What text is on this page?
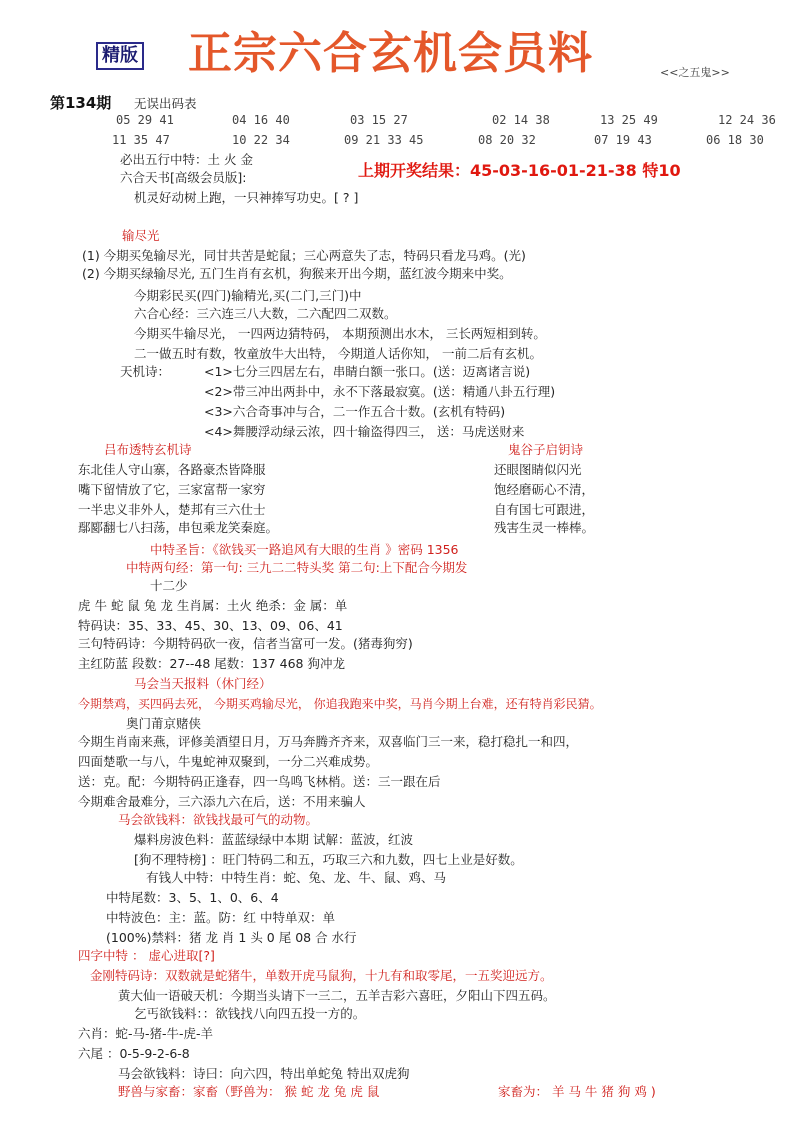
精版 正宗六合玄机会员料	<<之五鬼>>
第134期 无误出码表
05 29 41	04 16 40	03 15 27	02 14 38	13 25 49	12 24 36
11 35 47	10 22 34	09 21 33 45	08 20 32	07 19 43	06 18 30
上期开奖结果：45-03-16-01-21-38 特10
必出五行中特：土 火 金
六合天书[高级会员版]:
机灵好动树上跑，一只神捧写功史。[ ? ]
输尽光
(1) 今期买兔输尽光，同甘共苦是蛇鼠；三心两意失了志，特码只看龙马鸡。(光)
(2) 今期买绿输尽光, 五门生肖有玄机，狗猴来开出今期，蓝红波今期来中奖。
今期彩民买(四门)输精光,买(二门,三门)中
六合心经：三六连三八大数，二六配四二双数。
今期买牛输尽光， 一四两边猜特码， 本期预测出水木， 三长两短相到转。
二一做五时有数，牧童放牛大出特， 今期道人话你知， 一前二后有玄机。
天机诗：	<1>七分三四居左右，串睛白额一张口。(送：迈离诸言说)
<2>带三冲出两卦中，永不下落最寂寞。(送：精通八卦五行理)
<3>六合奇事冲与合，二一作五合十数。(玄机有特码)
<4>舞腰浮动绿云浓，四十输盗得四三， 送：马虎送财来
吕布透特玄机诗	鬼谷子启钥诗
东北佳人守山寨，各路豪杰皆降服
嘴下留情放了它，三家富帮一家穷
一半忠义非外人，楚邦有三六仕士
鄢郾翻七八扫荡，串包乘龙笑秦庭。
还眼图睛似闪光
饱经磨砺心不清，
自有国七可跟进，
残害生灵一棒棒。
中特圣旨：《欲钱买一路追风有大眼的生肖 》密码 1356
中特两句经：第一句: 三九二二特头奖 第二句:上下配合今期发
十二少
虎 牛 蛇 鼠 兔 龙 生肖属：土火 绝杀：金 属：单
特码诀：35、33、45、30、13、09、06、41
三句特码诗：今期特码砍一夜，信者当富可一发。(猪毒狗穷)
主红防蓝 段数：27--48 尾数：137 468 狗冲龙
马会当天报料（休门经）
今期禁鸡，买四码去死， 今期买鸡输尽光， 你追我跑来中奖，马肖今期上台难，还有特肖彩民猜。
奥门莆京赌侠
今期生肖南来燕，评修美酒望日月，万马奔腾齐齐来，双喜临门三一来，稳打稳扎一和四，
四面楚歌一与八，牛鬼蛇神双聚到，一分二兴难成势。
送：克。配：今期特码正逢春，四一鸟鸣飞林梢。送：三一跟在后
今期难舍最难分，三六添九六在后，送：不用来骗人
马会欲钱料：欲钱找最可气的动物。
爆料房波色料：蓝蓝绿绿中本期 试解：蓝波，红波
[狗不理特榜] ：旺门特码二和五，巧取三六和九数，四七上业是好数。
有钱人中特：中特生肖：蛇、兔、龙、牛、鼠、鸡、马
中特尾数：3、5、1、0、6、4
中特波色：主：蓝。防：红 中特单双：单
(100%)禁料：猪 龙 肖 1 头 0 尾 08 合 水行
四字中特 ： 虚心进取[?]
金刚特码诗：双数就是蛇猪牛，单数开虎马鼠狗，十九有和取零尾，一五奖迎远方。
黄大仙一语破天机：今期当头请下一三二，五羊吉彩六喜旺，夕阳山下四五码。
乞丐欲钱料：：欲钱找八向四五投一方的。
六肖：蛇-马-猪-牛-虎-羊
六尾 ：0-5-9-2-6-8
马会欲钱料：诗曰：向六四，特出单蛇兔 特出双虎狗
野兽与家畜：家畜（野兽为： 猴 蛇 龙 兔 虎 鼠	家畜为： 羊 马 牛 猪 狗 鸡 )
